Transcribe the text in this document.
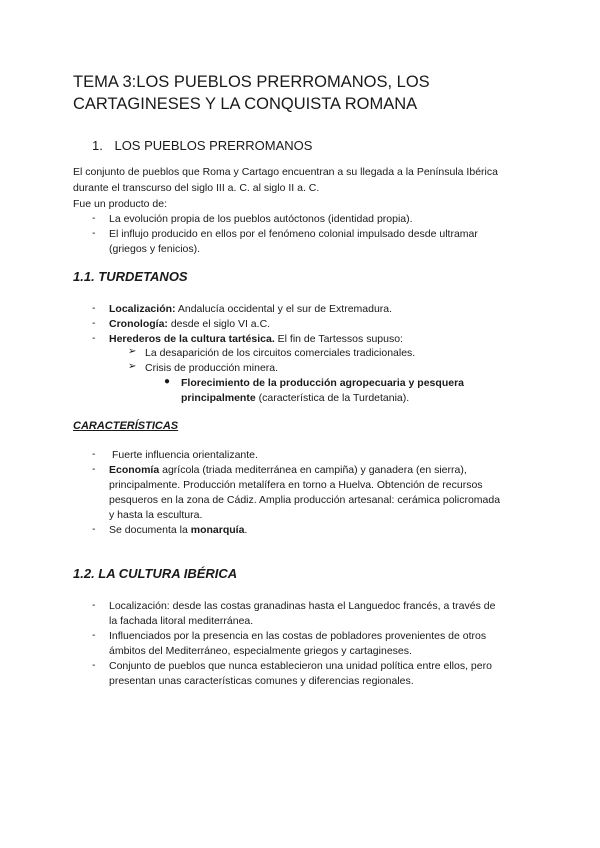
TEMA 3:LOS PUEBLOS PRERROMANOS, LOS
CARTAGINESES Y LA CONQUISTA ROMANA
1. LOS PUEBLOS PRERROMANOS
El conjunto de pueblos que Roma y Cartago encuentran a su llegada a la Península Ibérica
durante el transcurso del siglo III a. C. al siglo II a. C.
Fue un producto de:
- La evolución propia de los pueblos autóctonos (identidad propia).
- El influjo producido en ellos por el fenómeno colonial impulsado desde ultramar
(griegos y fenicios).
1.1. TURDETANOS
- Localización: Andalucía occidental y el sur de Extremadura.
- Cronología: desde el siglo VI a.C.
- Herederos de la cultura tartésica. El fin de Tartessos supuso:
➢ La desaparición de los circuitos comerciales tradicionales.
➢ Crisis de producción minera.
● Florecimiento de la producción agropecuaria y pesquera
principalmente (característica de la Turdetania).
CARACTERÍSTICAS
- Fuerte influencia orientalizante.
- Economía agrícola (triada mediterránea en campiña) y ganadera (en sierra),
principalmente. Producción metalífera en torno a Huelva. Obtención de recursos
pesqueros en la zona de Cádiz. Amplia producción artesanal: cerámica policromada
y hasta la escultura.
- Se documenta la monarquía.
1.2. LA CULTURA IBÉRICA
- Localización: desde las costas granadinas hasta el Languedoc francés, a través de
la fachada litoral mediterránea.
- Influenciados por la presencia en las costas de pobladores provenientes de otros
ámbitos del Mediterráneo, especialmente griegos y cartagineses.
- Conjunto de pueblos que nunca establecieron una unidad política entre ellos, pero
presentan unas características comunes y diferencias regionales.
